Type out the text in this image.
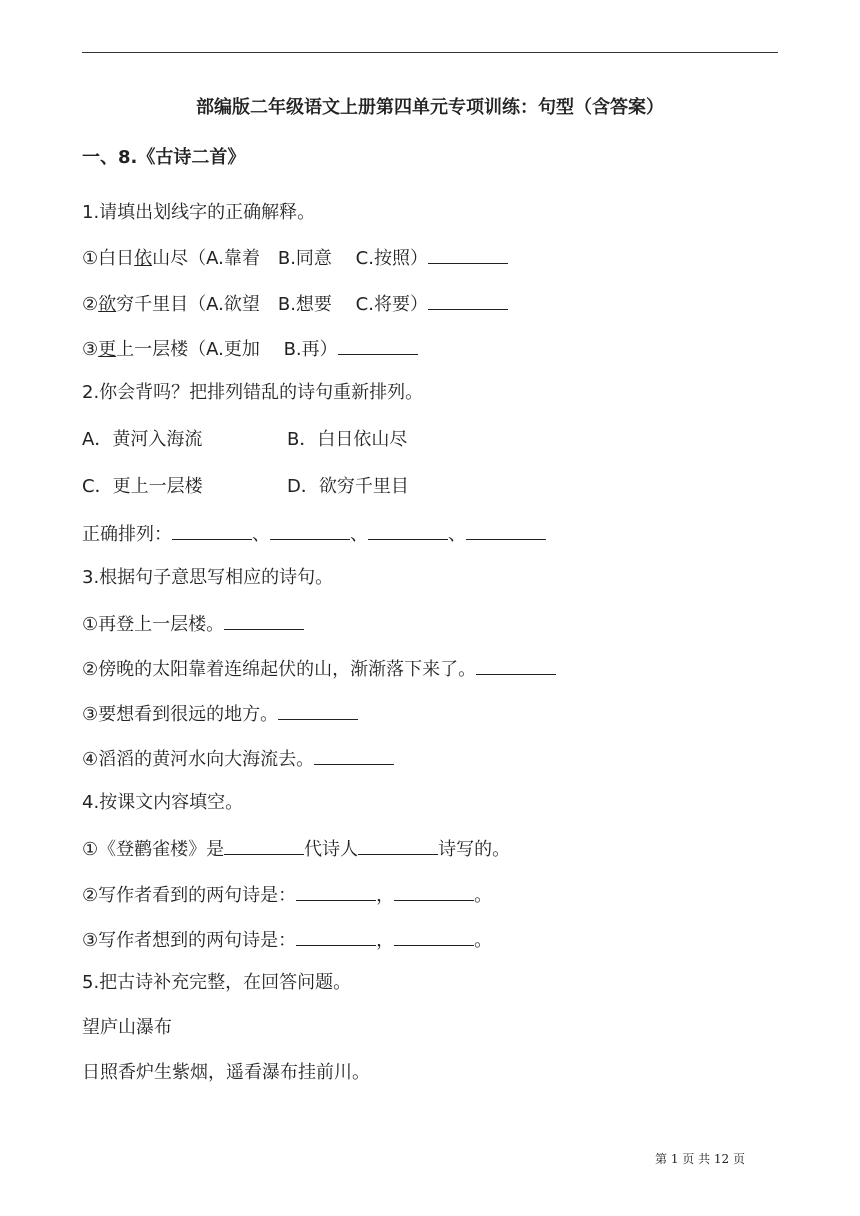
部编版二年级语文上册第四单元专项训练：句型（含答案）
一、8.《古诗二首》
1.请填出划线字的正确解释。
①白日依山尽（A.靠着　B.同意　 C.按照）
②欲穷千里目（A.欲望　B.想要　 C.将要）
③更上一层楼（A.更加　 B.再）
2.你会背吗？把排列错乱的诗句重新排列。
A．黄河入海流	B．白日依山尽
C．更上一层楼	D．欲穷千里目
正确排列：	、	、	、
3.根据句子意思写相应的诗句。
①再登上一层楼。
②傍晚的太阳靠着连绵起伏的山，渐渐落下来了。
③要想看到很远的地方。
④滔滔的黄河水向大海流去。
4.按课文内容填空。
①《登鹳雀楼》是	代诗人	诗写的。
②写作者看到的两句诗是：	，	。
③写作者想到的两句诗是：	，	。
5.把古诗补充完整，在回答问题。
望庐山瀑布
日照香炉生紫烟，遥看瀑布挂前川。
第 1 页 共 12 页
